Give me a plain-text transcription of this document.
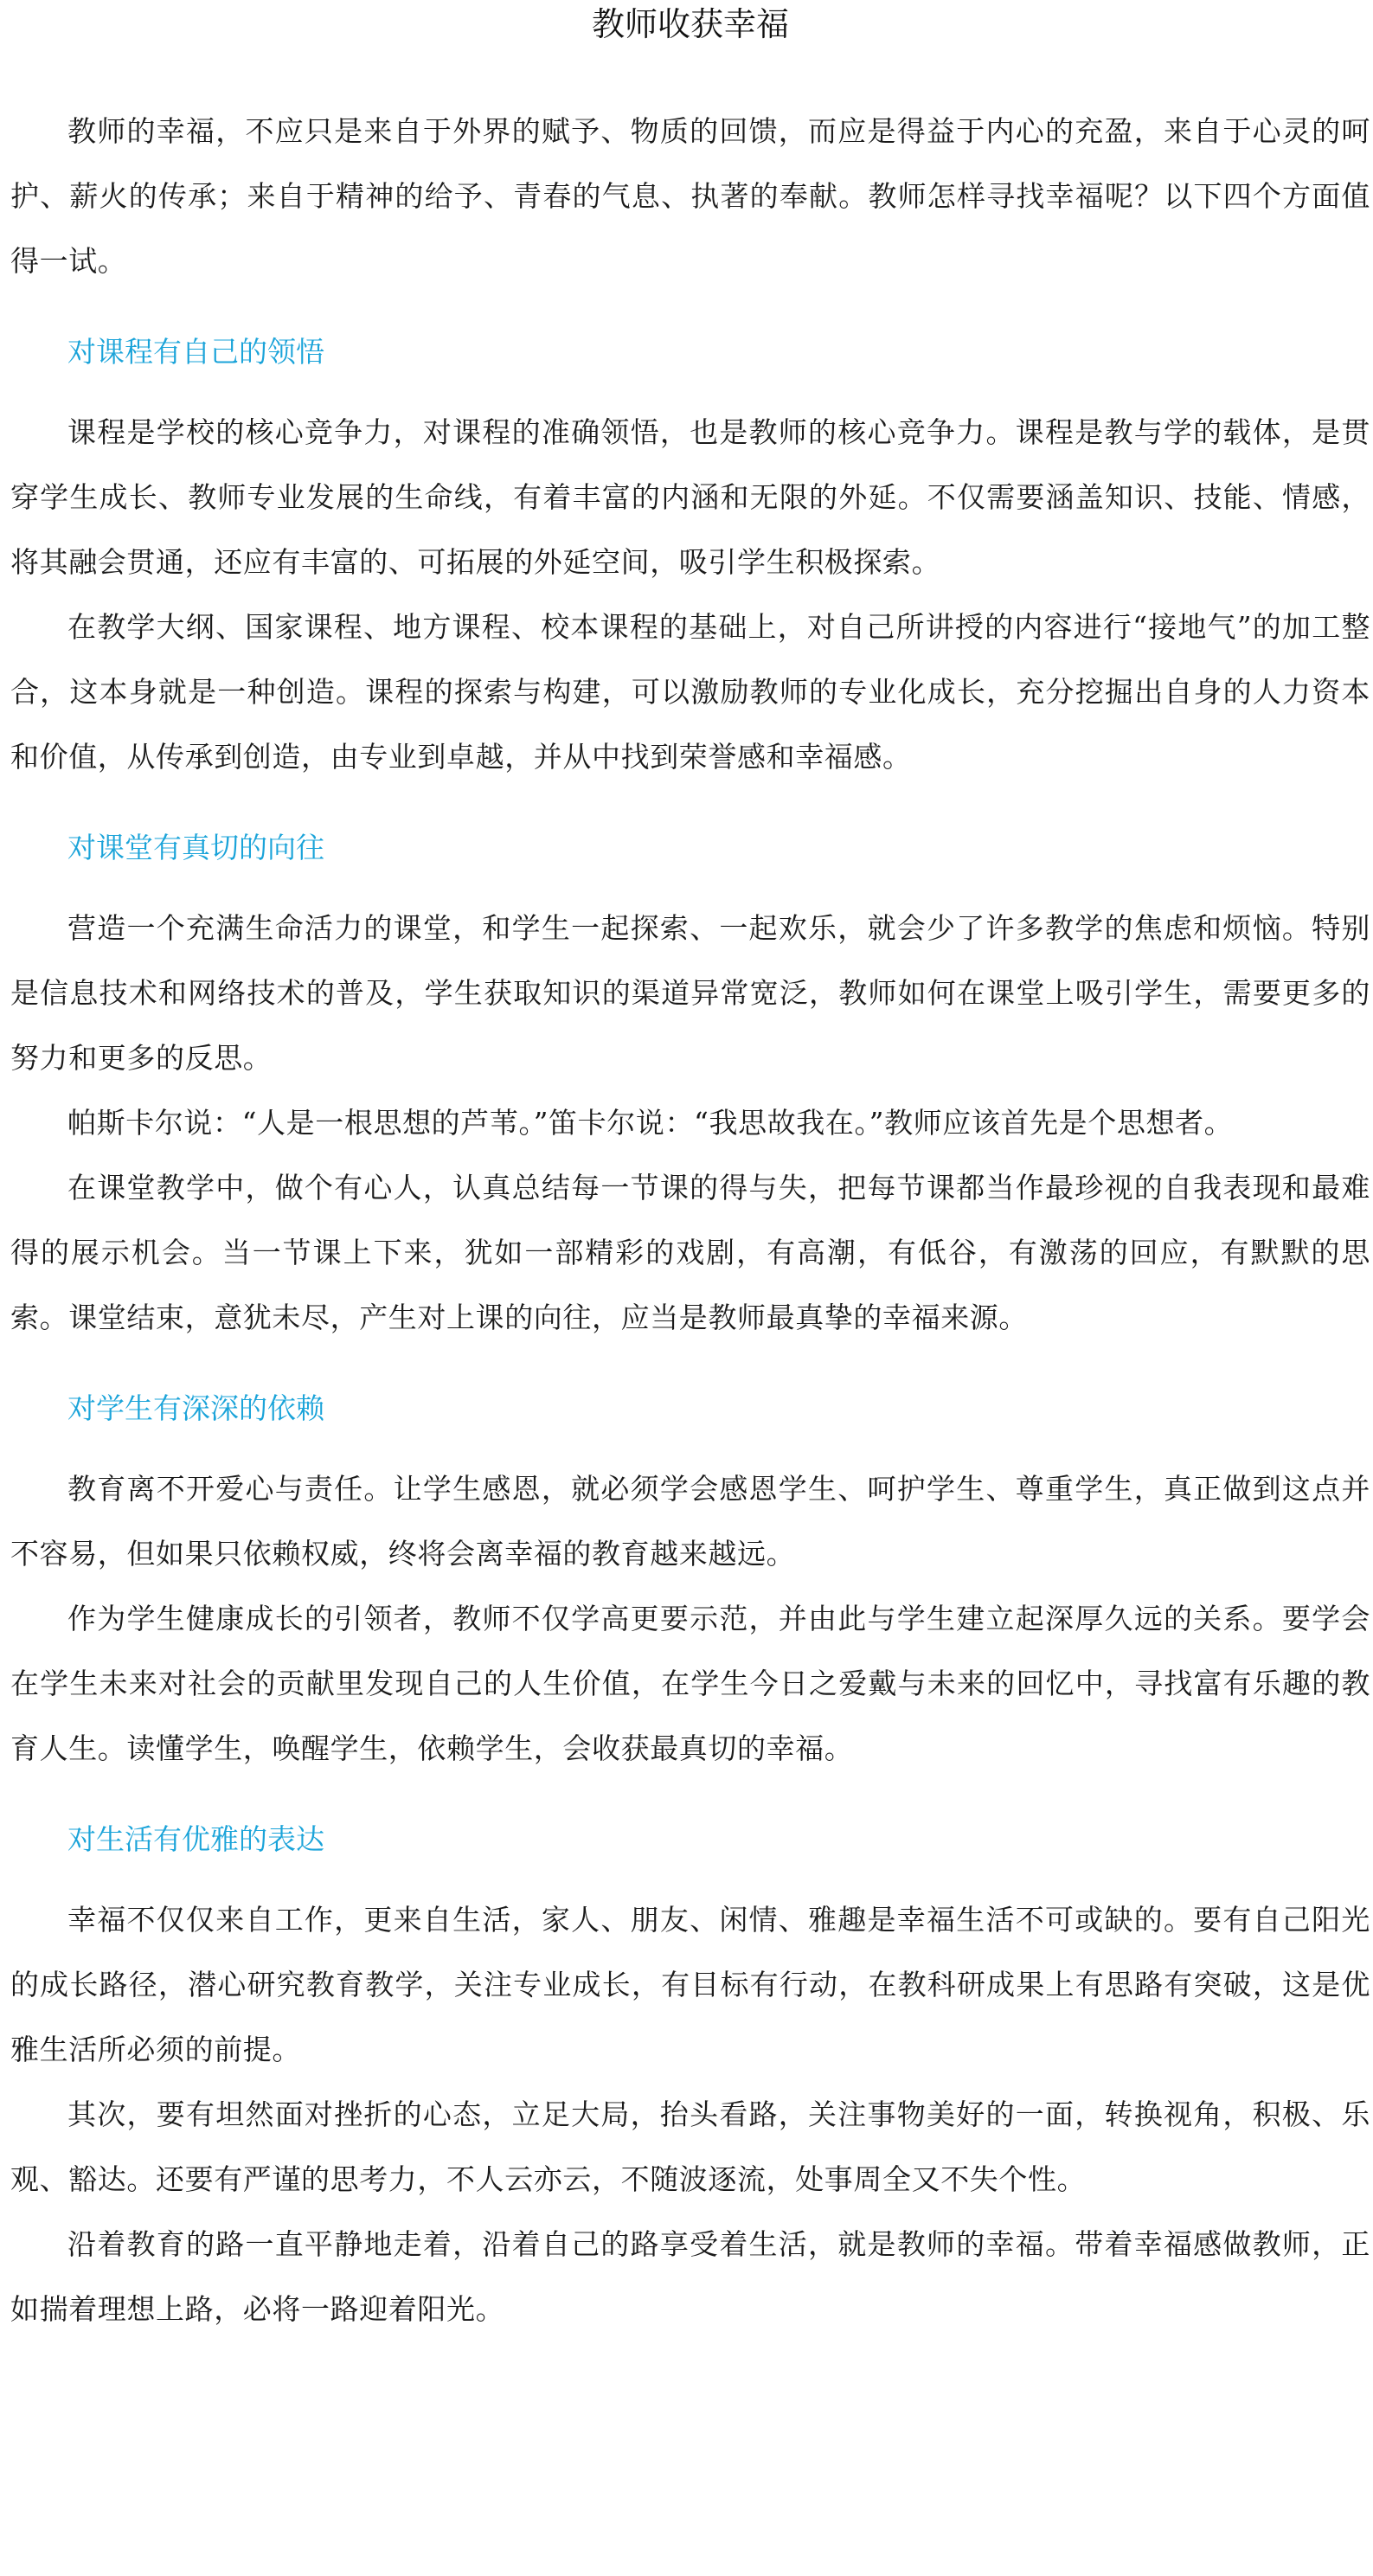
教师收获幸福

教师的幸福，不应只是来自于外界的赋予、物质的回馈，而应是得益于内心的充盈，来自于心灵的呵护、薪火的传承；来自于精神的给予、青春的气息、执著的奉献。教师怎样寻找幸福呢？以下四个方面值得一试。

对课程有自己的领悟

课程是学校的核心竞争力，对课程的准确领悟，也是教师的核心竞争力。课程是教与学的载体，是贯穿学生成长、教师专业发展的生命线，有着丰富的内涵和无限的外延。不仅需要涵盖知识、技能、情感，将其融会贯通，还应有丰富的、可拓展的外延空间，吸引学生积极探索。

在教学大纲、国家课程、地方课程、校本课程的基础上，对自己所讲授的内容进行“接地气”的加工整合，这本身就是一种创造。课程的探索与构建，可以激励教师的专业化成长，充分挖掘出自身的人力资本和价值，从传承到创造，由专业到卓越，并从中找到荣誉感和幸福感。

对课堂有真切的向往

营造一个充满生命活力的课堂，和学生一起探索、一起欢乐，就会少了许多教学的焦虑和烦恼。特别是信息技术和网络技术的普及，学生获取知识的渠道异常宽泛，教师如何在课堂上吸引学生，需要更多的努力和更多的反思。

帕斯卡尔说：“人是一根思想的芦苇。”笛卡尔说：“我思故我在。”教师应该首先是个思想者。

在课堂教学中，做个有心人，认真总结每一节课的得与失，把每节课都当作最珍视的自我表现和最难得的展示机会。当一节课上下来，犹如一部精彩的戏剧，有高潮，有低谷，有激荡的回应，有默默的思索。课堂结束，意犹未尽，产生对上课的向往，应当是教师最真挚的幸福来源。

对学生有深深的依赖

教育离不开爱心与责任。让学生感恩，就必须学会感恩学生、呵护学生、尊重学生，真正做到这点并不容易，但如果只依赖权威，终将会离幸福的教育越来越远。

作为学生健康成长的引领者，教师不仅学高更要示范，并由此与学生建立起深厚久远的关系。要学会在学生未来对社会的贡献里发现自己的人生价值，在学生今日之爱戴与未来的回忆中，寻找富有乐趣的教育人生。读懂学生，唤醒学生，依赖学生，会收获最真切的幸福。

对生活有优雅的表达

幸福不仅仅来自工作，更来自生活，家人、朋友、闲情、雅趣是幸福生活不可或缺的。要有自己阳光的成长路径，潜心研究教育教学，关注专业成长，有目标有行动，在教科研成果上有思路有突破，这是优雅生活所必须的前提。

其次，要有坦然面对挫折的心态，立足大局，抬头看路，关注事物美好的一面，转换视角，积极、乐观、豁达。还要有严谨的思考力，不人云亦云，不随波逐流，处事周全又不失个性。

沿着教育的路一直平静地走着，沿着自己的路享受着生活，就是教师的幸福。带着幸福感做教师，正如揣着理想上路，必将一路迎着阳光。
